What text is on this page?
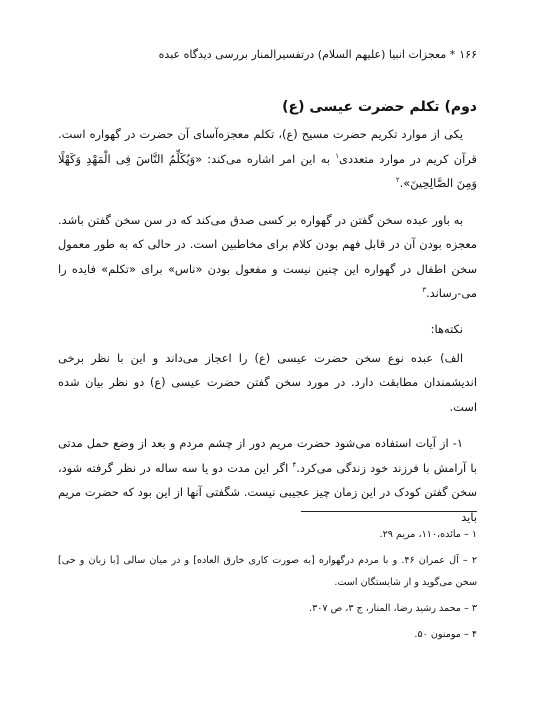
۱۶۶* معجزات انبیا (علیهم السلام) درتفسیرالمنار بررسی دیدگاه عبده
دوم) تکلم حضرت عیسی (ع)

یکی از موارد تکریم حضرت مسیح (ع)، تکلم معجزه‌آسای آن حضرت در گهواره است. قرآن کریم در موارد متعددی$^۱$ به این امر اشاره می‌کند: «وَیُکَلِّمُ النَّاسَ فِی الْمَهْدِ وَکَهْلًا وَمِنَ الصَّالِحِینَ».$^۲$

به باور عبده سخن گفتن در گهواره بر کسی صدق می‌کند که در سن سخن گفتن باشد. معجزه بودن آن در قابل فهم بودن کلام برای مخاطبین است. در حالی که به طور معمول سخن اطفال در گهواره این چنین نیست و مفعول بودن «ناس» برای «تکلم» فایده را می-رساند.$^۳$

نکته‌ها:

الف) عبده نوع سخن حضرت عیسی (ع) را اعجاز می‌داند و این با نظر برخی اندیشمندان مطابقت دارد. در مورد سخن گفتن حضرت عیسی (ع) دو نظر بیان شده است.

۱- از آیات استفاده می‌شود حضرت مریم دور از چشم مردم و بعد از وضع حمل مدتی با آرامش با فرزند خود زندگی می‌کرد.$^۴$ اگر این مدت دو یا سه ساله در نظر گرفته شود، سخن گفتن کودک در این زمان چیز عجیبی نیست. شگفتی آنها از این بود که حضرت مریم باید

۱ – مائده،۱۱۰، مریم ۲۹.

۲ – آل عمران ۴۶. و با مردم درگهواره [به صورت کاری خارق العاده] و در میان سالی [با زبان و حی] سخن می‌گوید و از شایستگان است.

۳ – محمد رشید رضا، المنار، ج ۳، ص ۳۰۷.

۴ – مومنون ۵۰.
